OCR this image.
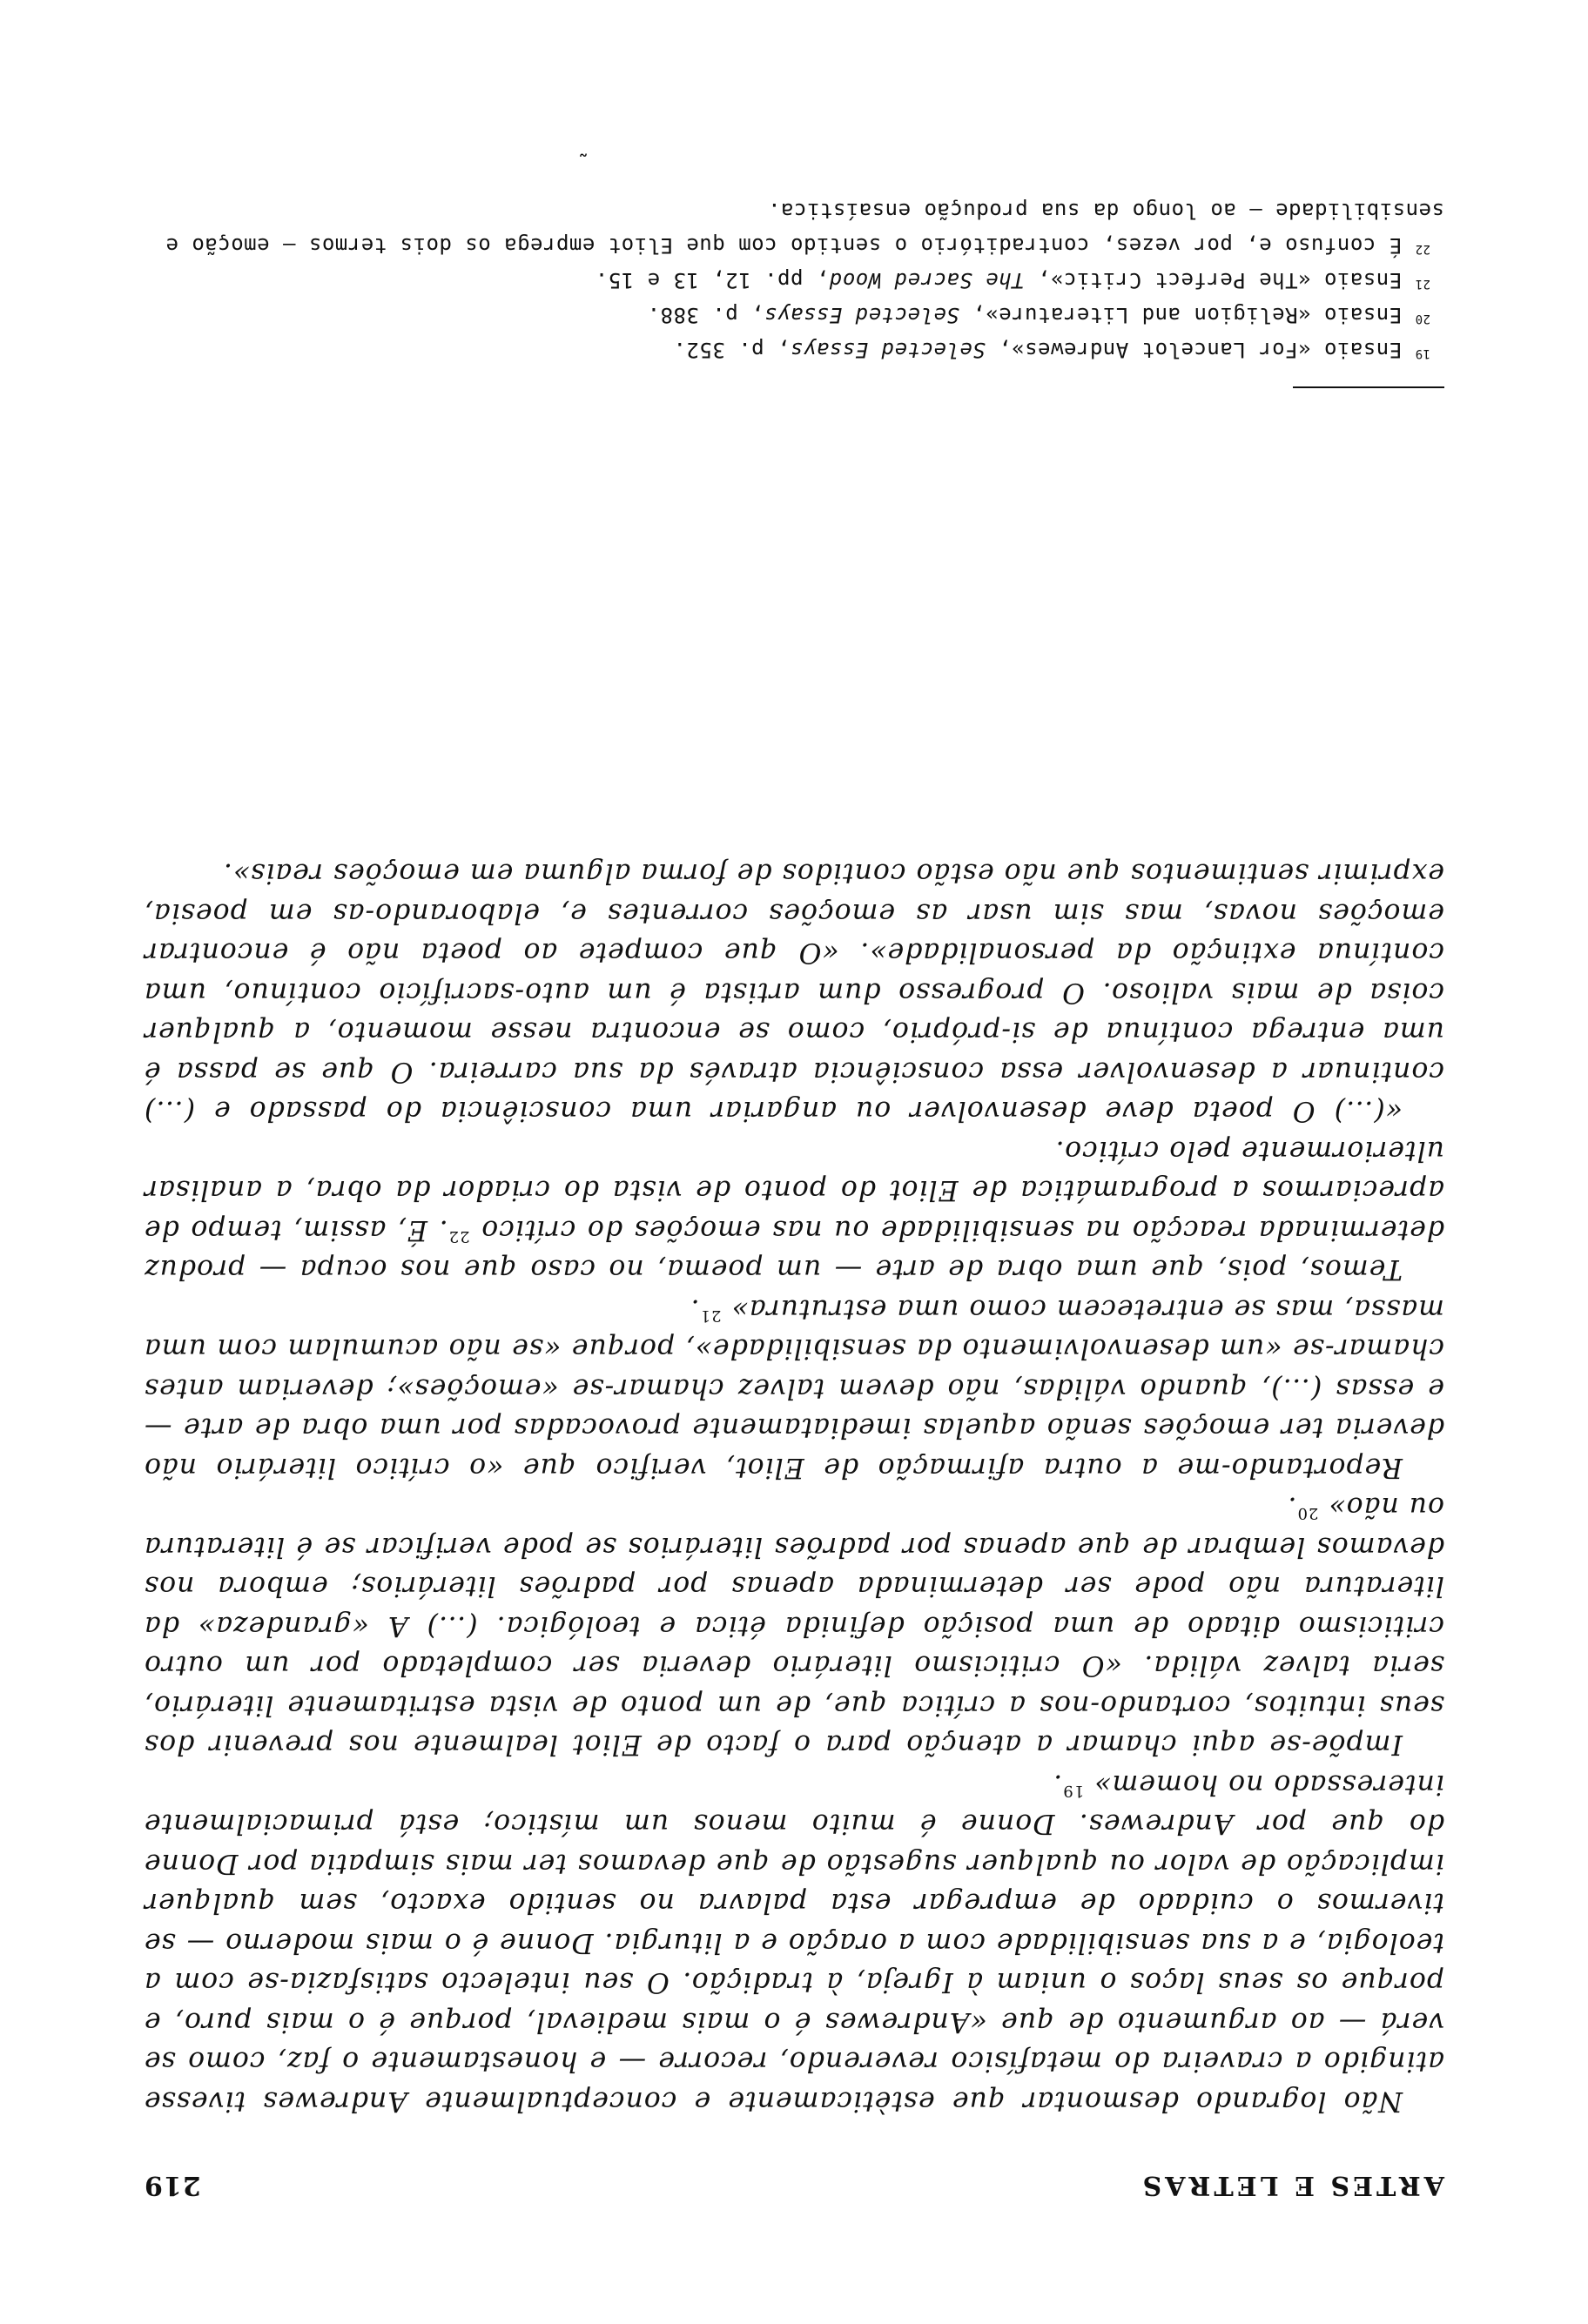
ARTES E LETRAS
219

Não logrando desmontar que estèticamente e conceptualmente Andrewes tivesse atingido a craveira do metafísico reverendo, recorre — e honestamente o faz, como se verá — ao argumento de que «Andrewes é o mais medieval, porque é o mais puro, e porque os seus laços o uniam à Igreja, à tradição. O seu intelecto satisfazia-se com a teologia, e a sua sensibilidade com a oração e a liturgia. Donne é o mais moderno — se tivermos o cuidado de empregar esta palavra no sentido exacto, sem qualquer implicação de valor ou qualquer sugestão de que devamos ter mais simpatia por Donne do que por Andrewes. Donne é muito menos um místico; está primacialmente interessado no homem» $^{19}$.

Impõe-se aqui chamar a atenção para o facto de Eliot lealmente nos prevenir dos seus intuitos, cortando-nos a crítica que, de um ponto de vista estritamente literário, seria talvez válida. «O criticismo literário deveria ser completado por um outro criticismo ditado de uma posição definida ética e teológica. (…) A «grandeza» da literatura não pode ser determinada apenas por padrões literários; embora nos devamos lembrar de que apenas por padrões literários se pode verificar se é literatura ou não» $^{20}$.

Reportando-me a outra afirmação de Eliot, verifico que «o crítico literário não deveria ter emoções senão aquelas imediatamente provocadas por uma obra de arte — e essas (…), quando válidas, não devem talvez chamar-se «emoções»; deveriam antes chamar-se «um desenvolvimento da sensibilidade», porque «se não acumulam com uma massa, mas se entretecem como uma estrutura» $^{21}$.

Temos, pois, que uma obra de arte — um poema, no caso que nos ocupa — produz determinada reacção na sensibilidade ou nas emoções do crítico $^{22}$. É, assim, tempo de apreciarmos a programática de Eliot do ponto de vista do criador da obra, a analisar ulteriormente pelo crítico.

«(…) O poeta deve desenvolver ou angariar uma consciência do passado e (…) continuar a desenvolver essa consciência através da sua carreira. O que se passa é uma entrega contínua de si-próprio, como se encontra nesse momento, a qualquer coisa de mais valioso. O progresso dum artista é um auto-sacrifício contínuo, uma contínua extinção da personalidade». «O que compete ao poeta não é encontrar emoções novas, mas sim usar as emoções correntes e, elaborando-as em poesia, exprimir sentimentos que não estão contidos de forma alguma em emoções reais».

$^{19}$ Ensaio «For Lancelot Andrewes», Selected Essays, p. 352.

$^{20}$ Ensaio «Religion and Literature», Selected Essays, p. 388.

$^{21}$ Ensaio «The Perfect Critic», The Sacred Wood, pp. 12, 13 e 15.

$^{22}$ É confuso e, por vezes, contraditório o sentido com que Eliot emprega os dois termos — emoção e sensibilidade — ao longo da sua produção ensaística.

˜
